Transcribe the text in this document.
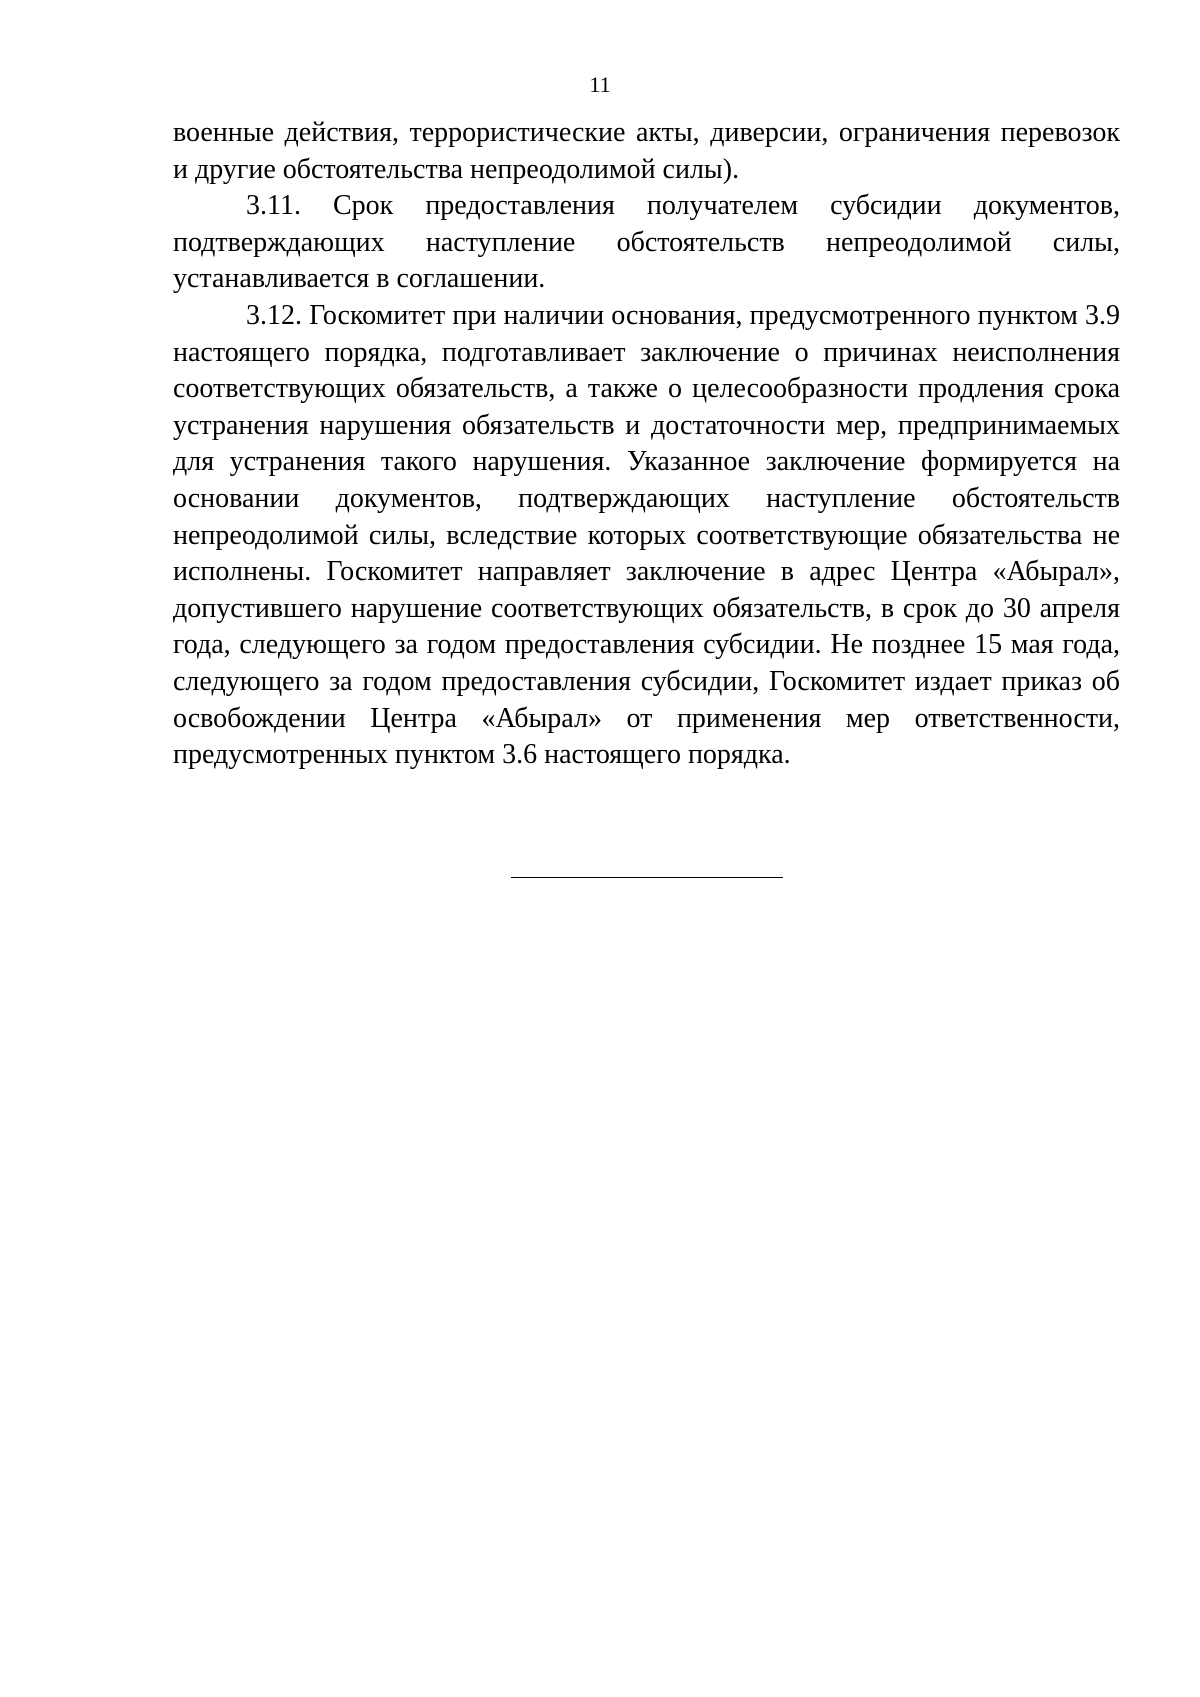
11

военные действия, террористические акты, диверсии, ограничения перевозок и другие обстоятельства непреодолимой силы).

3.11. Срок предоставления получателем субсидии документов, подтверждающих наступление обстоятельств непреодолимой силы, устанавливается в соглашении.

3.12. Госкомитет при наличии основания, предусмотренного пунктом 3.9 настоящего порядка, подготавливает заключение о причинах неисполнения соответствующих обязательств, а также о целесообразности продления срока устранения нарушения обязательств и достаточности мер, предпринимаемых для устранения такого нарушения. Указанное заключение формируется на основании документов, подтверждающих наступление обстоятельств непреодолимой силы, вследствие которых соответствующие обязательства не исполнены. Госкомитет направляет заключение в адрес Центра «Абырал», допустившего нарушение соответствующих обязательств, в срок до 30 апреля года, следующего за годом предоставления субсидии. Не позднее 15 мая года, следующего за годом предоставления субсидии, Госкомитет издает приказ об освобождении Центра «Абырал» от применения мер ответственности, предусмотренных пунктом 3.6 настоящего порядка.
